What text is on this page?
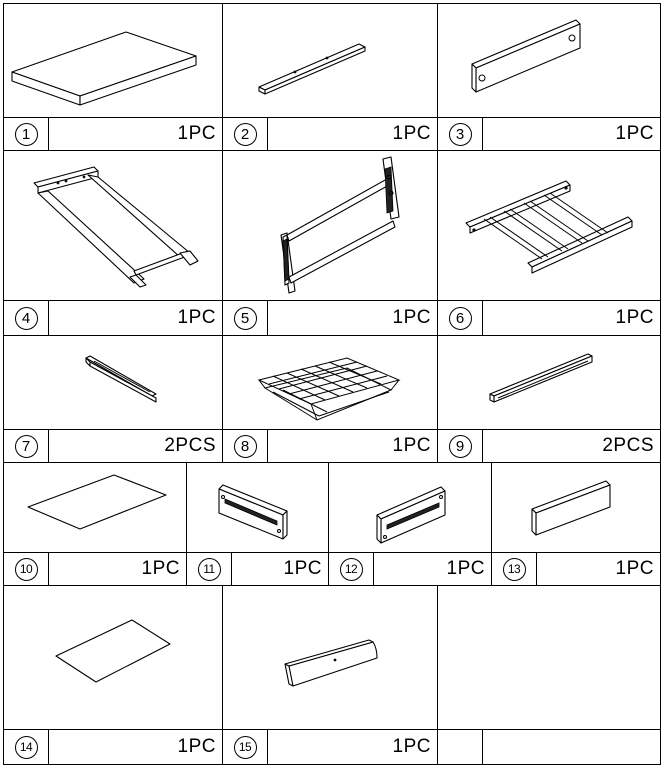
1	1PC	2	1PC	3	1PC
4	1PC	5	1PC	6	1PC
7	2PCS	8	1PC	9	2PCS
10	1PC	11	1PC	12	1PC	13	1PC
14	1PC	15	1PC
